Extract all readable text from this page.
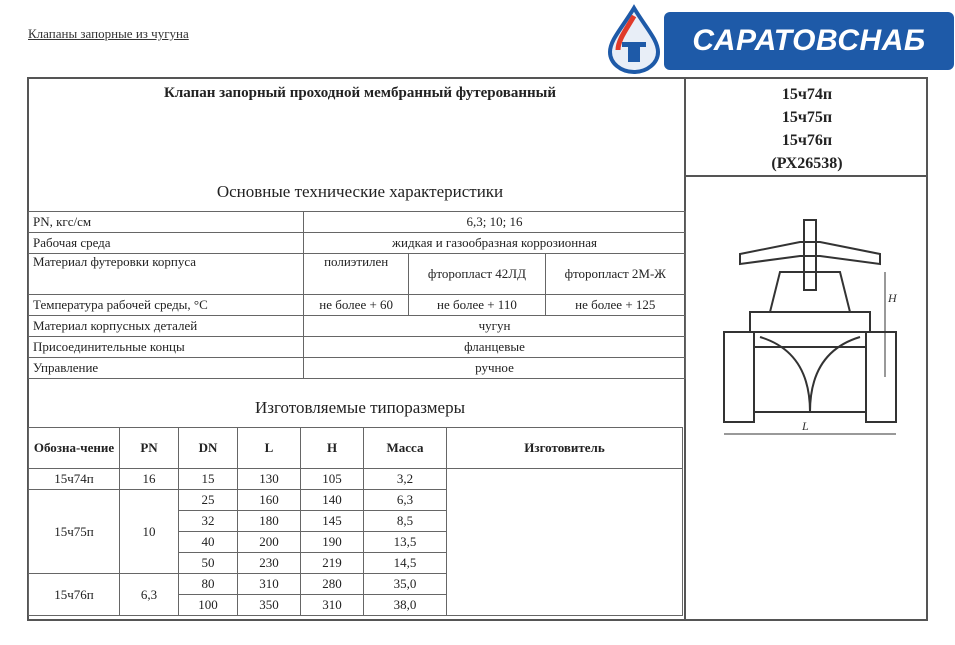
Клапаны запорные из чугуна	САРАТОВСНАБ
Клапан запорный проходной мембранный футерованный	15ч74п
15ч75п
15ч76п
(РХ26538)
Основные технические характеристики
PN, кгс/см	6,3; 10; 16		
Рабочая среда	жидкая и газообразная коррозионная		
Материал футеровки корпуса	полиэтилен	фторопласт 42ЛД	фторопласт 2М-Ж
Температура рабочей среды, °C	не более + 60	не более + 110	не более + 125
Материал корпусных деталей	чугун		
Присоединительные концы	фланцевые		
Управление	ручное		
Изготовляемые типоразмеры
Обозна-чение	PN	DN	L	H	Масса	Изготовитель
15ч74п	16	15	130	105	3,2	
15ч75п	10	25	160	140	6,3	
		32	180	145	8,5	
		40	200	190	13,5	
		50	230	219	14,5	
15ч76п	6,3	80	310	280	35,0	
		100	350	310	38,0	
H
L
